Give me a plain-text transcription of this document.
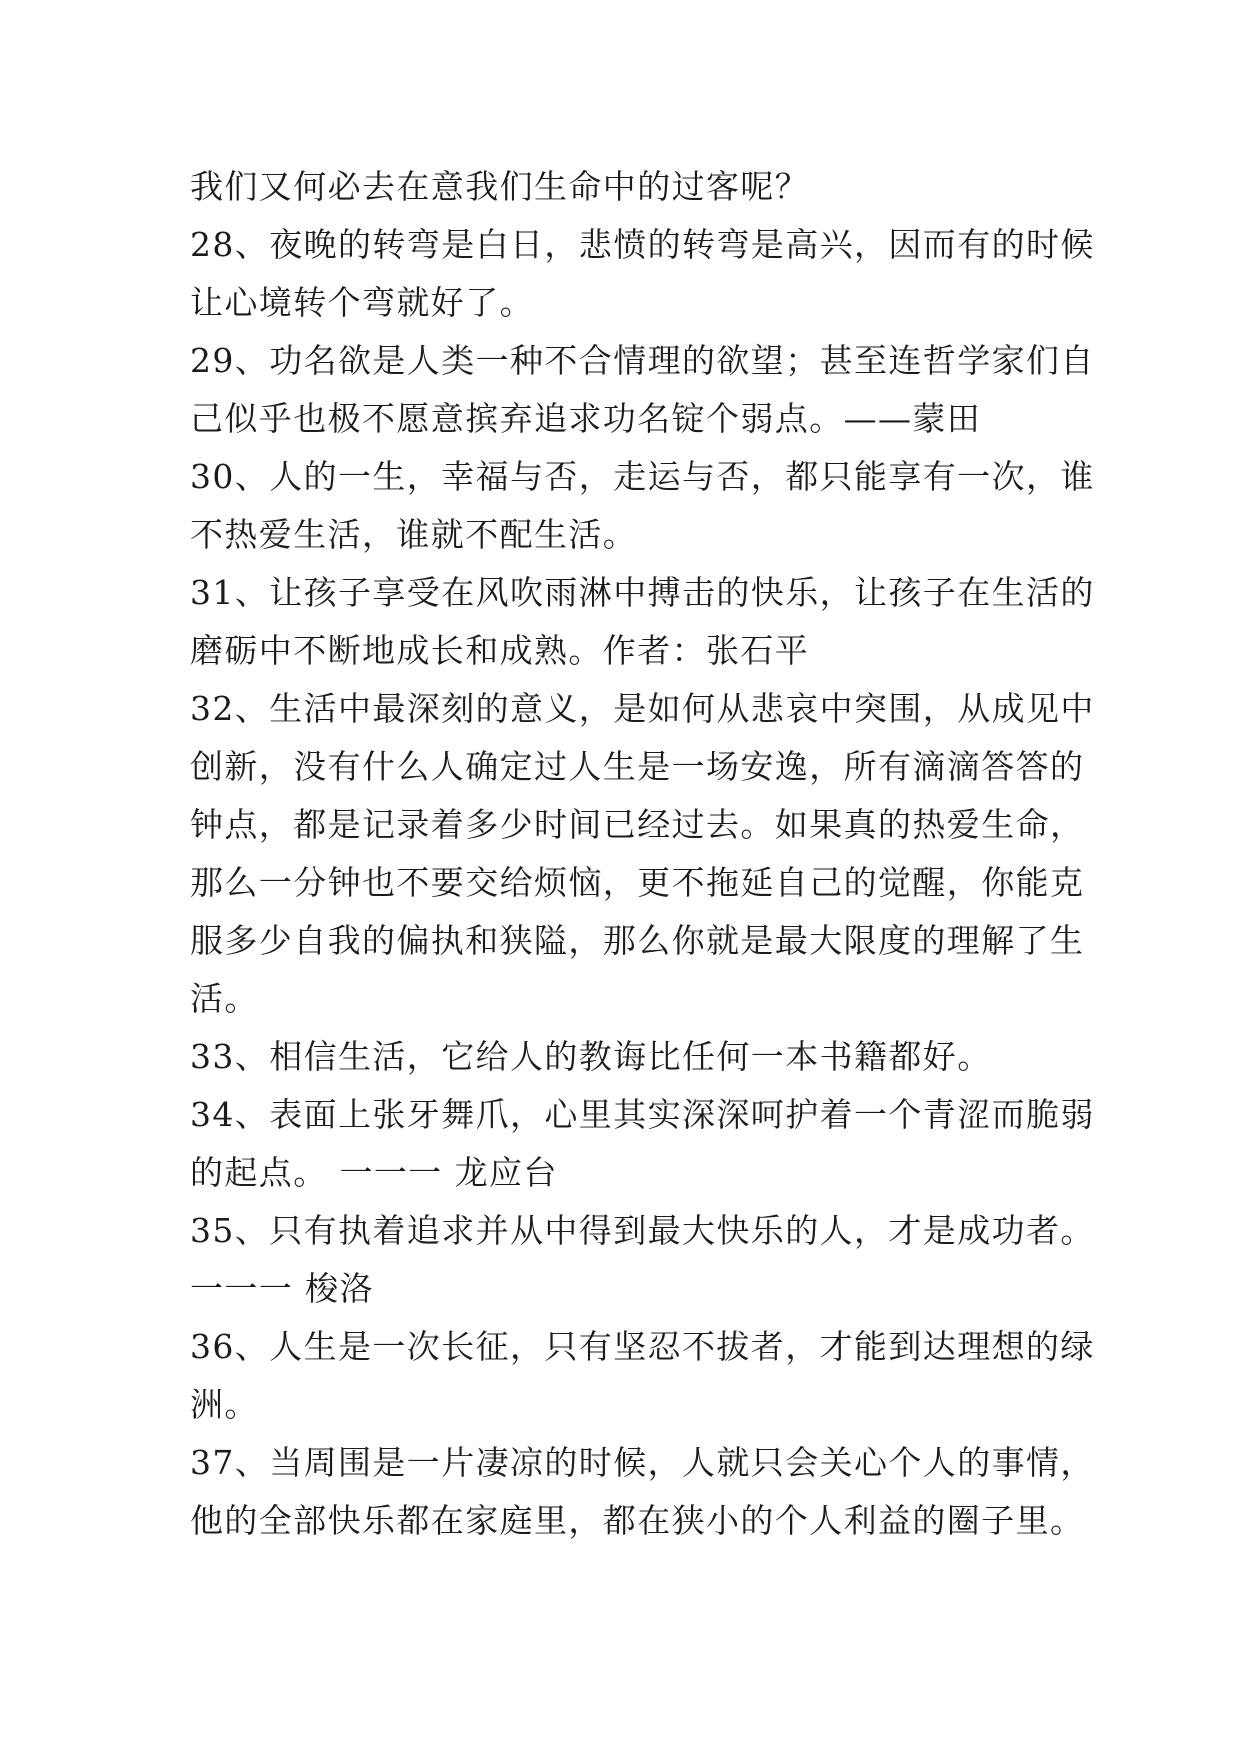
我们又何必去在意我们生命中的过客呢？
28、夜晚的转弯是白日，悲愤的转弯是高兴，因而有的时候
让心境转个弯就好了。
29、功名欲是人类一种不合情理的欲望；甚至连哲学家们自
己似乎也极不愿意摈弃追求功名锭个弱点。——蒙田
30、人的一生，幸福与否，走运与否，都只能享有一次，谁
不热爱生活，谁就不配生活。
31、让孩子享受在风吹雨淋中搏击的快乐，让孩子在生活的
磨砺中不断地成长和成熟。作者：张石平
32、生活中最深刻的意义，是如何从悲哀中突围，从成见中
创新，没有什么人确定过人生是一场安逸，所有滴滴答答的
钟点，都是记录着多少时间已经过去。如果真的热爱生命，
那么一分钟也不要交给烦恼，更不拖延自己的觉醒，你能克
服多少自我的偏执和狭隘，那么你就是最大限度的理解了生
活。
33、相信生活，它给人的教诲比任何一本书籍都好。
34、表面上张牙舞爪，心里其实深深呵护着一个青涩而脆弱
的起点。 一一一 龙应台
35、只有执着追求并从中得到最大快乐的人，才是成功者。
一一一 梭洛
36、人生是一次长征，只有坚忍不拔者，才能到达理想的绿
洲。
37、当周围是一片凄凉的时候，人就只会关心个人的事情，
他的全部快乐都在家庭里，都在狭小的个人利益的圈子里。
